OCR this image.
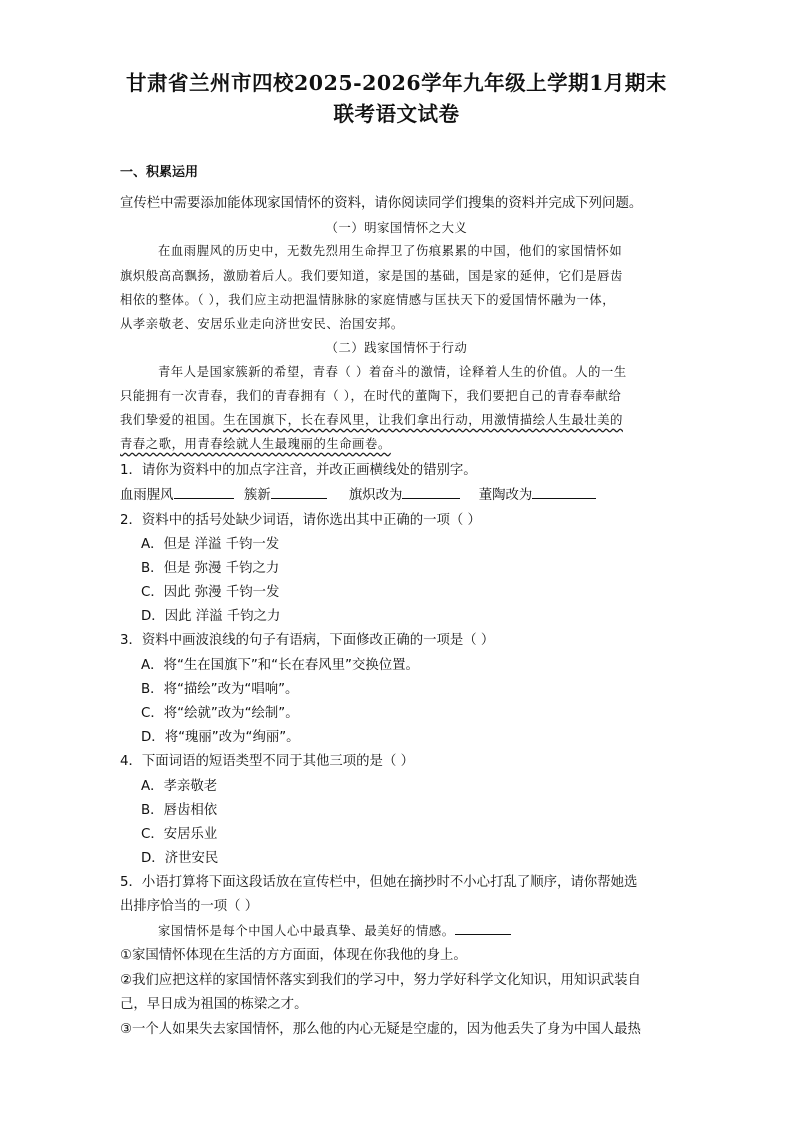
甘肃省兰州市四校2025-2026学年九年级上学期1月期末
联考语文试卷
一、积累运用
宣传栏中需要添加能体现家国情怀的资料，请你阅读同学们搜集的资料并完成下列问题。
（一）明家国情怀之大义
在血雨腥风的历史中，无数先烈用生命捍卫了伤痕累累的中国，他们的家国情怀如
旗炽般高高飘扬，激励着后人。我们要知道，家是国的基础，国是家的延伸，它们是唇齿
相依的整体。（ ），我们应主动把温情脉脉的家庭情感与匡扶天下的爱国情怀融为一体，
从孝亲敬老、安居乐业走向济世安民、治国安邦。
（二）践家国情怀于行动
青年人是国家簇新的希望，青春（ ）着奋斗的激情，诠释着人生的价值。人的一生
只能拥有一次青春，我们的青春拥有（ ），在时代的董陶下，我们要把自己的青春奉献给
我们挚爱的祖国。生在国旗下，长在春风里，让我们拿出行动，用激情描绘人生最壮美的
青春之歌，用青春绘就人生最瑰丽的生命画卷。
1．请你为资料中的加点字注音，并改正画横线处的错别字。
血雨腥风	簇新	旗炽改为	董陶改为
2．资料中的括号处缺少词语，请你选出其中正确的一项（ ）
A．但是 洋溢 千钧一发
B．但是 弥漫 千钧之力
C．因此 弥漫 千钧一发
D．因此 洋溢 千钧之力
3．资料中画波浪线的句子有语病，下面修改正确的一项是（ ）
A．将“生在国旗下”和“长在春风里”交换位置。
B．将“描绘”改为“唱响”。
C．将“绘就”改为“绘制”。
D．将“瑰丽”改为“绚丽”。
4．下面词语的短语类型不同于其他三项的是（ ）
A．孝亲敬老
B．唇齿相依
C．安居乐业
D．济世安民
5．小语打算将下面这段话放在宣传栏中，但她在摘抄时不小心打乱了顺序，请你帮她选
出排序恰当的一项（ ）
家国情怀是每个中国人心中最真挚、最美好的情感。
①家国情怀体现在生活的方方面面，体现在你我他的身上。
②我们应把这样的家国情怀落实到我们的学习中，努力学好科学文化知识，用知识武装自
己，早日成为祖国的栋梁之才。
③一个人如果失去家国情怀，那么他的内心无疑是空虚的，因为他丢失了身为中国人最热
